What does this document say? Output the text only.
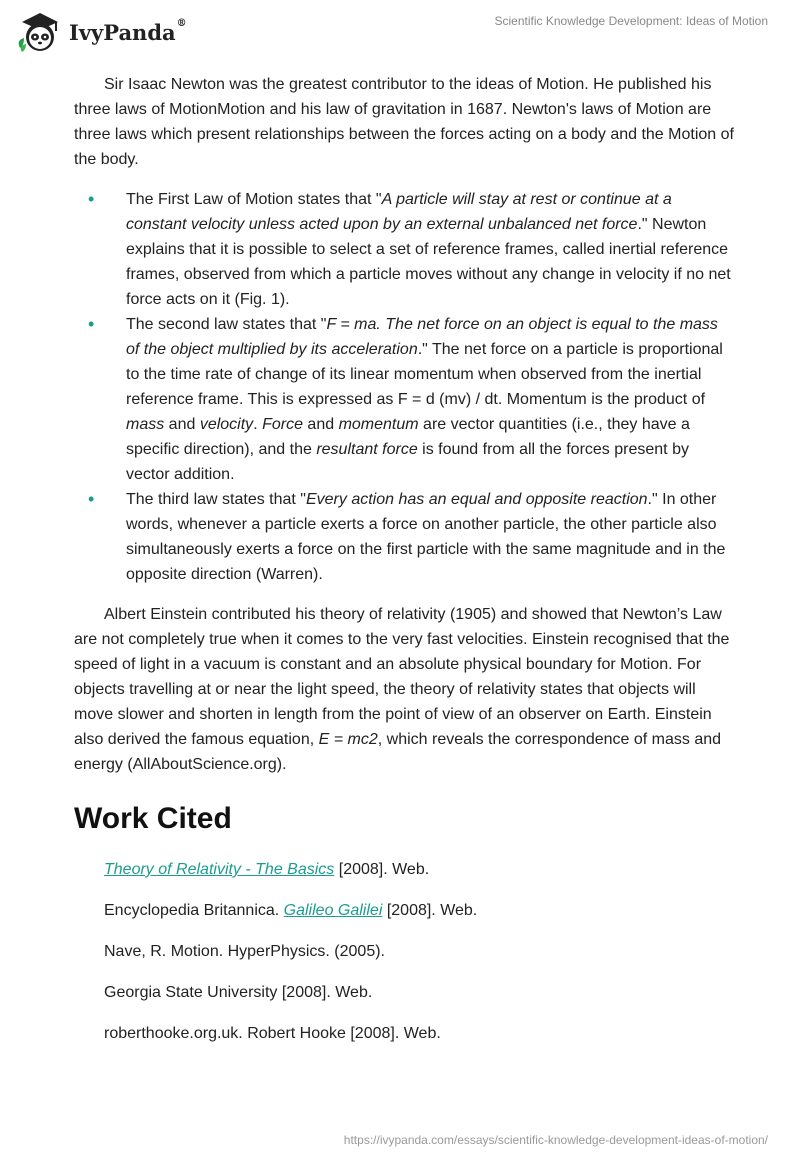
IvyPanda®	Scientific Knowledge Development: Ideas of Motion

Sir Isaac Newton was the greatest contributor to the ideas of Motion. He published his three laws of MotionMotion and his law of gravitation in 1687. Newton's laws of Motion are three laws which present relationships between the forces acting on a body and the Motion of the body.

• The First Law of Motion states that "A particle will stay at rest or continue at a constant velocity unless acted upon by an external unbalanced net force." Newton explains that it is possible to select a set of reference frames, called inertial reference frames, observed from which a particle moves without any change in velocity if no net force acts on it (Fig. 1).
• The second law states that "F = ma. The net force on an object is equal to the mass of the object multiplied by its acceleration." The net force on a particle is proportional to the time rate of change of its linear momentum when observed from the inertial reference frame. This is expressed as F = d (mv) / dt. Momentum is the product of mass and velocity. Force and momentum are vector quantities (i.e., they have a specific direction), and the resultant force is found from all the forces present by vector addition.
• The third law states that "Every action has an equal and opposite reaction." In other words, whenever a particle exerts a force on another particle, the other particle also simultaneously exerts a force on the first particle with the same magnitude and in the opposite direction (Warren).

Albert Einstein contributed his theory of relativity (1905) and showed that Newton’s Law are not completely true when it comes to the very fast velocities. Einstein recognised that the speed of light in a vacuum is constant and an absolute physical boundary for Motion. For objects travelling at or near the light speed, the theory of relativity states that objects will move slower and shorten in length from the point of view of an observer on Earth. Einstein also derived the famous equation, E = mc2, which reveals the correspondence of mass and energy (AllAboutScience.org).

Work Cited

Theory of Relativity - The Basics [2008]. Web.

Encyclopedia Britannica. Galileo Galilei [2008]. Web.

Nave, R. Motion. HyperPhysics. (2005).

Georgia State University [2008]. Web.

roberthooke.org.uk. Robert Hooke [2008]. Web.

https://ivypanda.com/essays/scientific-knowledge-development-ideas-of-motion/
